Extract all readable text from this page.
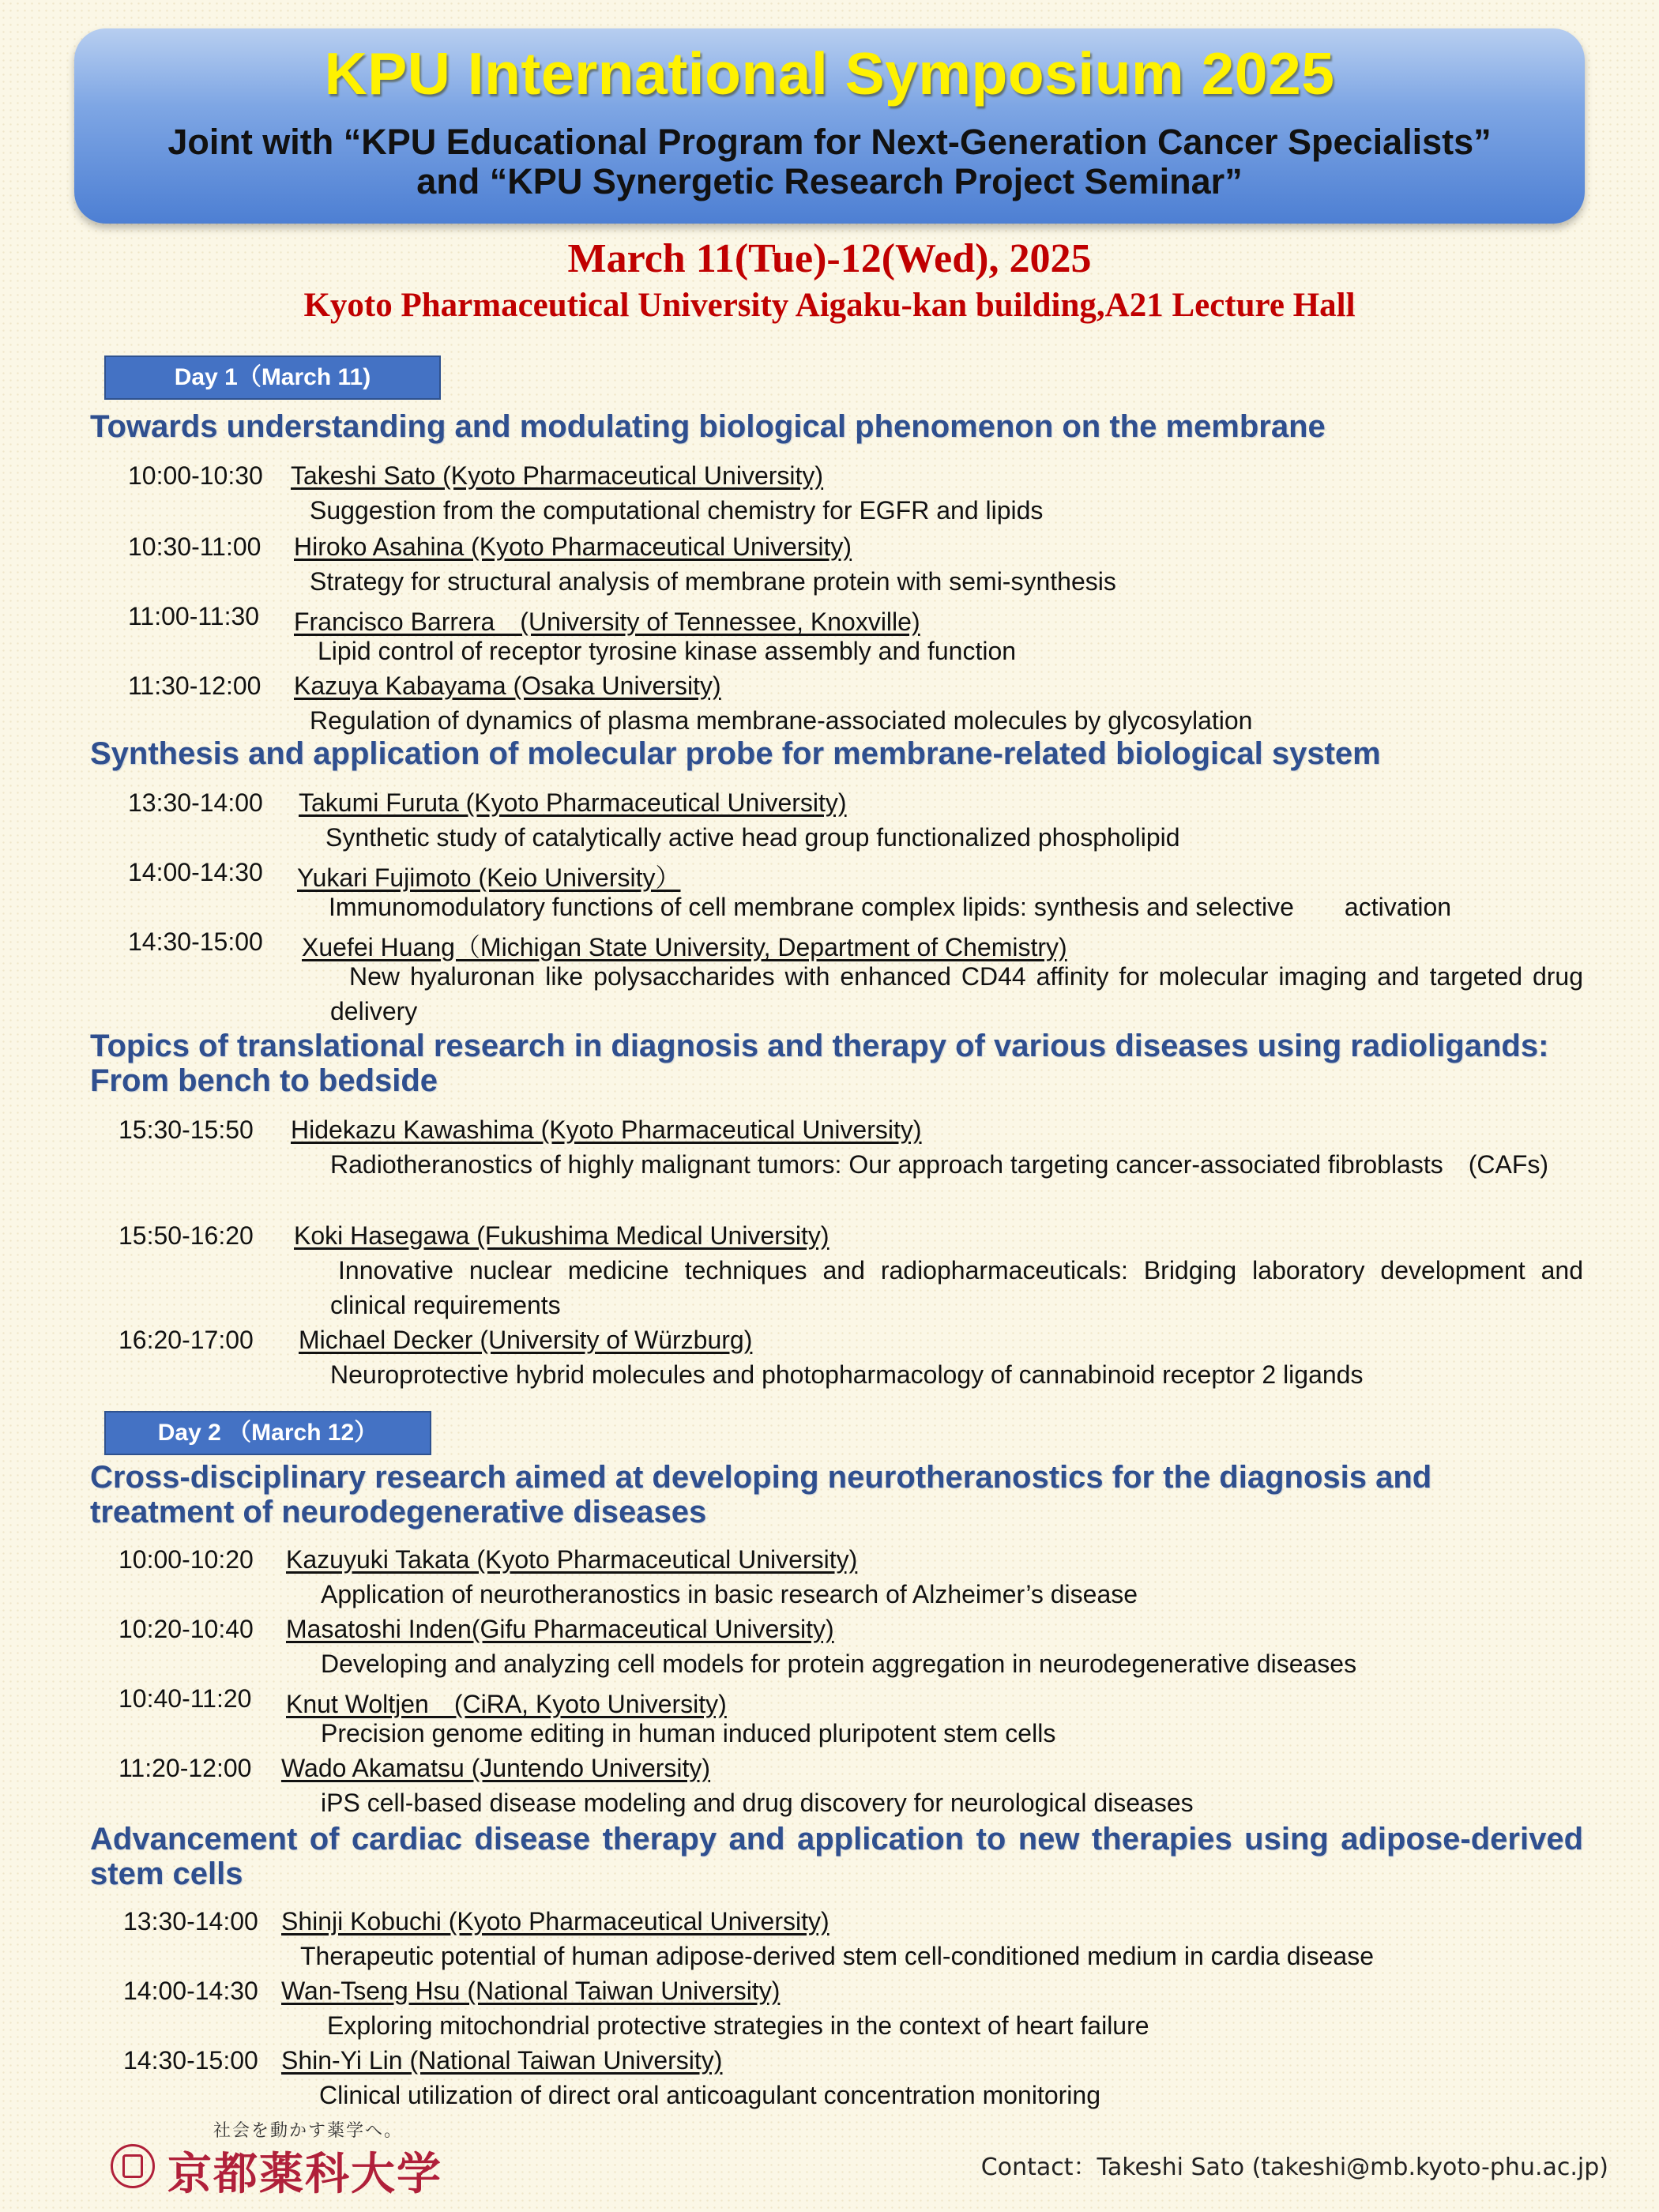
KPU International Symposium 2025
Joint with “KPU Educational Program for Next-Generation Cancer Specialists”
and “KPU Synergetic Research Project Seminar”
March 11(Tue)-12(Wed), 2025
Kyoto Pharmaceutical University Aigaku-kan building,A21 Lecture Hall
Day 1（March 11)
Towards understanding and modulating biological phenomenon on the membrane
10:00-10:30 Takeshi Sato (Kyoto Pharmaceutical University)
Suggestion from the computational chemistry for EGFR and lipids
10:30-11:00 Hiroko Asahina (Kyoto Pharmaceutical University)
Strategy for structural analysis of membrane protein with semi-synthesis
11:00-11:30 Francisco Barrera　(University of Tennessee, Knoxville)
Lipid control of receptor tyrosine kinase assembly and function
11:30-12:00 Kazuya Kabayama (Osaka University)
Regulation of dynamics of plasma membrane-associated molecules by glycosylation
Synthesis and application of molecular probe for membrane-related biological system
13:30-14:00 Takumi Furuta (Kyoto Pharmaceutical University)
Synthetic study of catalytically active head group functionalized phospholipid
14:00-14:30 Yukari Fujimoto (Keio University）
Immunomodulatory functions of cell membrane complex lipids: synthesis and selective　　activation
14:30-15:00 Xuefei Huang（Michigan State University, Department of Chemistry)
New hyaluronan like polysaccharides with enhanced CD44 affinity for molecular imaging and targeted drug delivery
Topics of translational research in diagnosis and therapy of various diseases using radioligands: From bench to bedside
15:30-15:50 Hidekazu Kawashima (Kyoto Pharmaceutical University)
Radiotheranostics of highly malignant tumors: Our approach targeting cancer-associated fibroblasts　(CAFs)
15:50-16:20 Koki Hasegawa (Fukushima Medical University)
Innovative nuclear medicine techniques and radiopharmaceuticals: Bridging laboratory development and clinical requirements
16:20-17:00 Michael Decker (University of Würzburg)
Neuroprotective hybrid molecules and photopharmacology of cannabinoid receptor 2 ligands
Day 2 （March 12）
Cross-disciplinary research aimed at developing neurotheranostics for the diagnosis and treatment of neurodegenerative diseases
10:00-10:20 Kazuyuki Takata (Kyoto Pharmaceutical University)
Application of neurotheranostics in basic research of Alzheimer’s disease
10:20-10:40 Masatoshi Inden(Gifu Pharmaceutical University)
Developing and analyzing cell models for protein aggregation in neurodegenerative diseases
10:40-11:20 Knut Woltjen　(CiRA, Kyoto University)
Precision genome editing in human induced pluripotent stem cells
11:20-12:00 Wado Akamatsu (Juntendo University)
iPS cell-based disease modeling and drug discovery for neurological diseases
Advancement of cardiac disease therapy and application to new therapies using adipose-derived stem cells
13:30-14:00 Shinji Kobuchi (Kyoto Pharmaceutical University)
Therapeutic potential of human adipose-derived stem cell-conditioned medium in cardia disease
14:00-14:30 Wan-Tseng Hsu (National Taiwan University)
Exploring mitochondrial protective strategies in the context of heart failure
14:30-15:00 Shin-Yi Lin (National Taiwan University)
Clinical utilization of direct oral anticoagulant concentration monitoring
社会を動かす薬学へ。
京都薬科大学	Contact：Takeshi Sato (takeshi@mb.kyoto-phu.ac.jp)
